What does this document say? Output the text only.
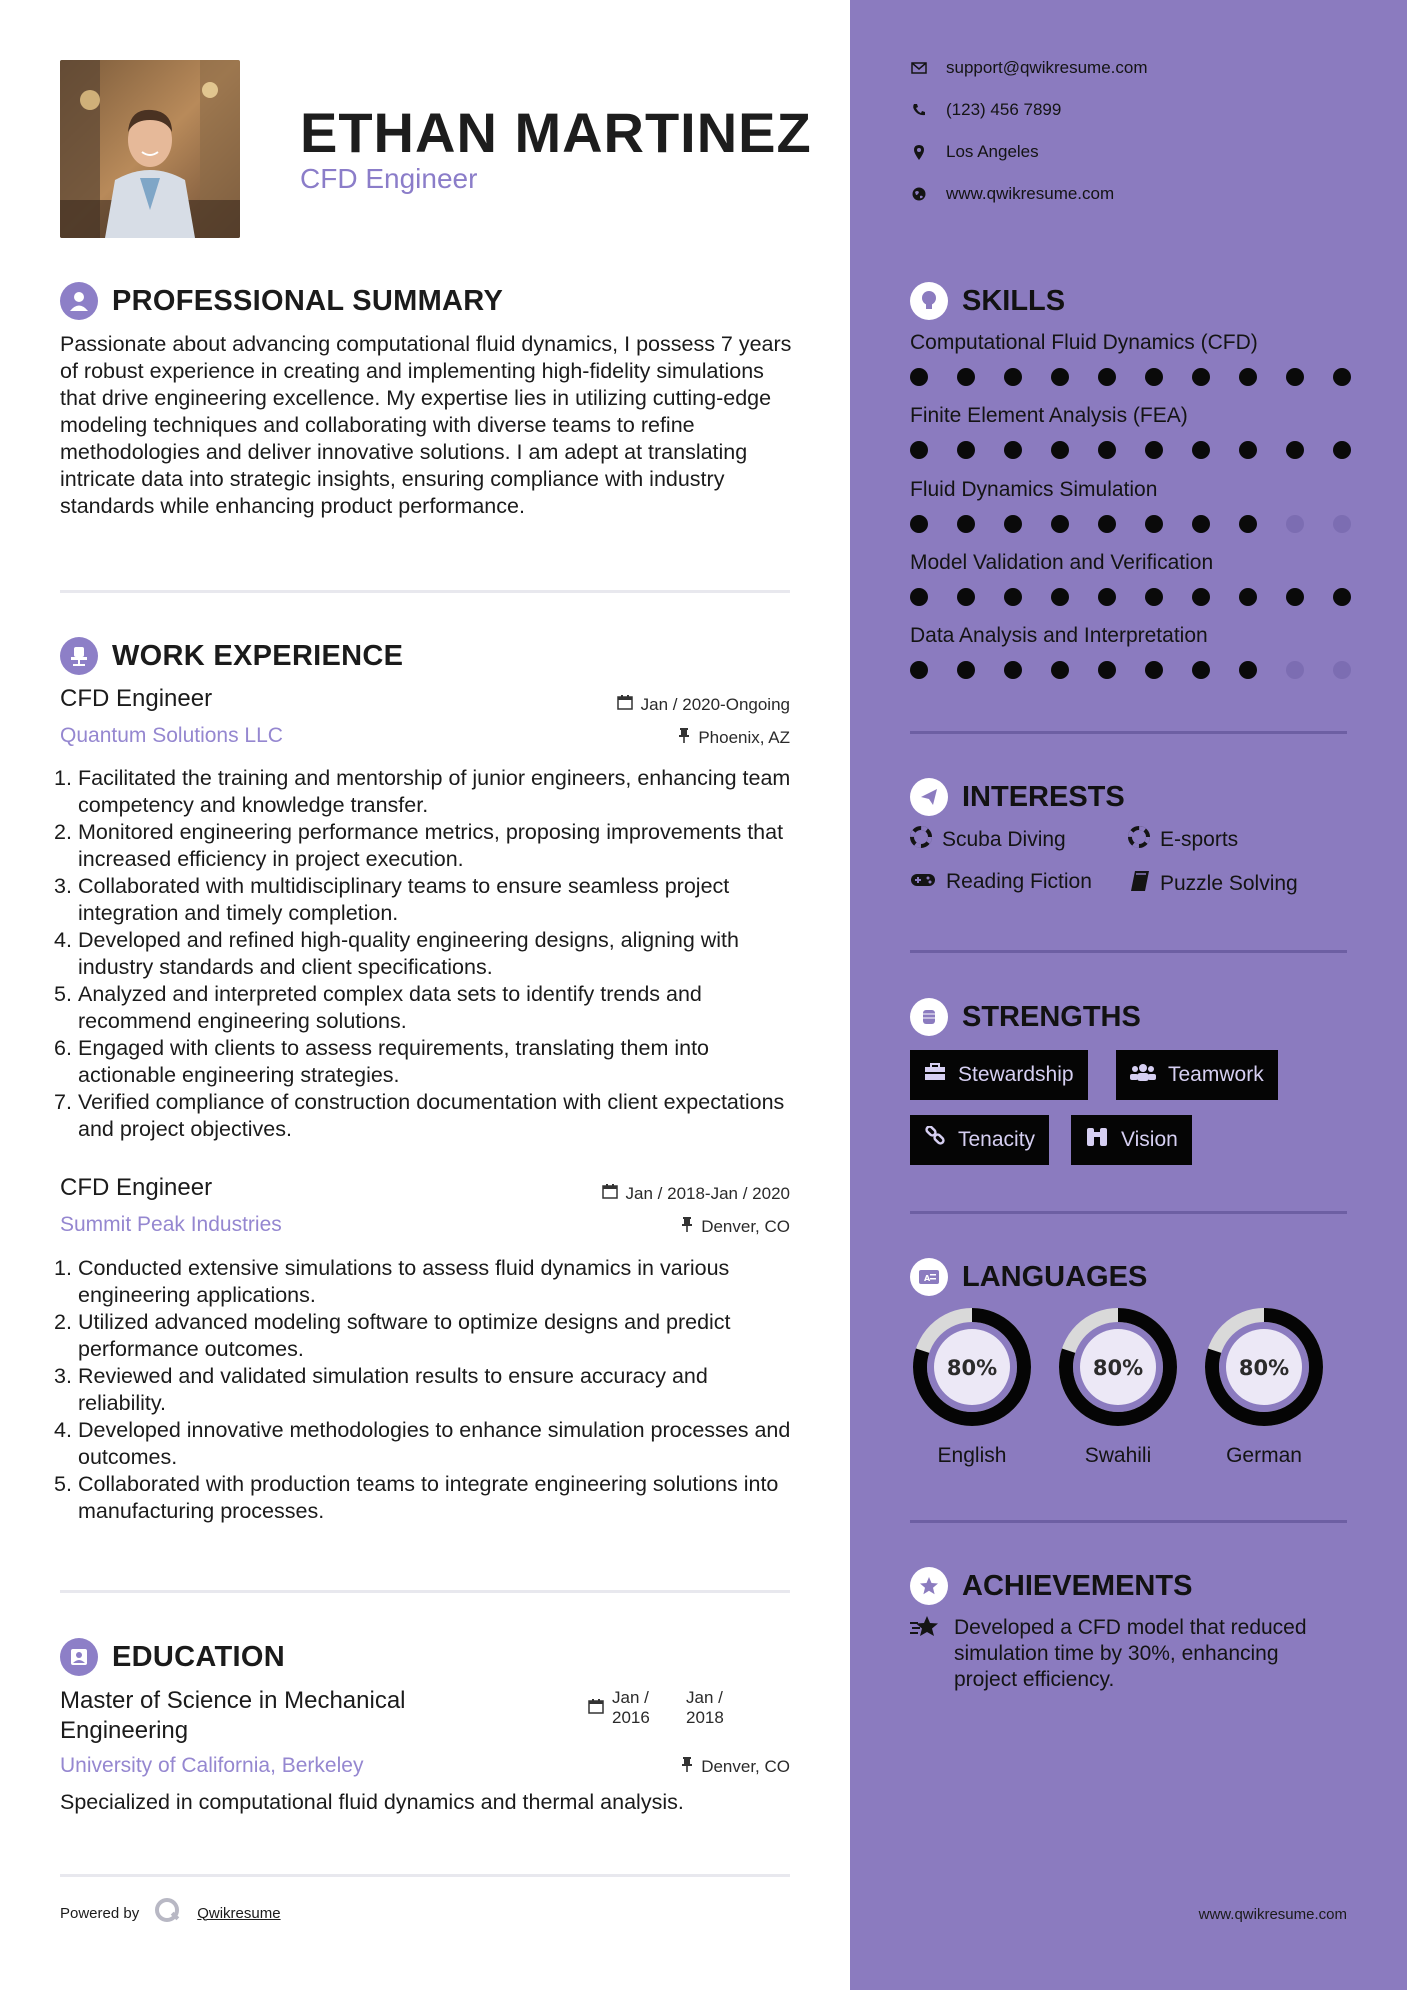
ETHAN MARTINEZ
CFD Engineer
PROFESSIONAL SUMMARY
Passionate about advancing computational fluid dynamics, I possess 7 years of robust experience in creating and implementing high-fidelity simulations that drive engineering excellence. My expertise lies in utilizing cutting-edge modeling techniques and collaborating with diverse teams to refine methodologies and deliver innovative solutions. I am adept at translating intricate data into strategic insights, ensuring compliance with industry standards while enhancing product performance.
WORK EXPERIENCE
CFD Engineer	Jan / 2020-Ongoing
Quantum Solutions LLC	Phoenix, AZ
1. Facilitated the training and mentorship of junior engineers, enhancing team competency and knowledge transfer.
2. Monitored engineering performance metrics, proposing improvements that increased efficiency in project execution.
3. Collaborated with multidisciplinary teams to ensure seamless project integration and timely completion.
4. Developed and refined high-quality engineering designs, aligning with industry standards and client specifications.
5. Analyzed and interpreted complex data sets to identify trends and recommend engineering solutions.
6. Engaged with clients to assess requirements, translating them into actionable engineering strategies.
7. Verified compliance of construction documentation with client expectations and project objectives.
CFD Engineer	Jan / 2018-Jan / 2020
Summit Peak Industries	Denver, CO
1. Conducted extensive simulations to assess fluid dynamics in various engineering applications.
2. Utilized advanced modeling software to optimize designs and predict performance outcomes.
3. Reviewed and validated simulation results to ensure accuracy and reliability.
4. Developed innovative methodologies to enhance simulation processes and outcomes.
5. Collaborated with production teams to integrate engineering solutions into manufacturing processes.
EDUCATION
Master of Science in Mechanical Engineering
Jan / 2016
Jan / 2018
University of California, Berkeley	Denver, CO
Specialized in computational fluid dynamics and thermal analysis.
Powered by	Qwikresume
support@qwikresume.com
(123) 456 7899
Los Angeles
www.qwikresume.com
SKILLS
Computational Fluid Dynamics (CFD)
Finite Element Analysis (FEA)
Fluid Dynamics Simulation
Model Validation and Verification
Data Analysis and Interpretation
INTERESTS
Scuba Diving	E-sports
Reading Fiction	Puzzle Solving
STRENGTHS
Stewardship	Teamwork
Tenacity	Vision
A LANGUAGES
80%
English
80%
Swahili
80%
German
ACHIEVEMENTS
Developed a CFD model that reduced simulation time by 30%, enhancing project efficiency.
www.qwikresume.com
